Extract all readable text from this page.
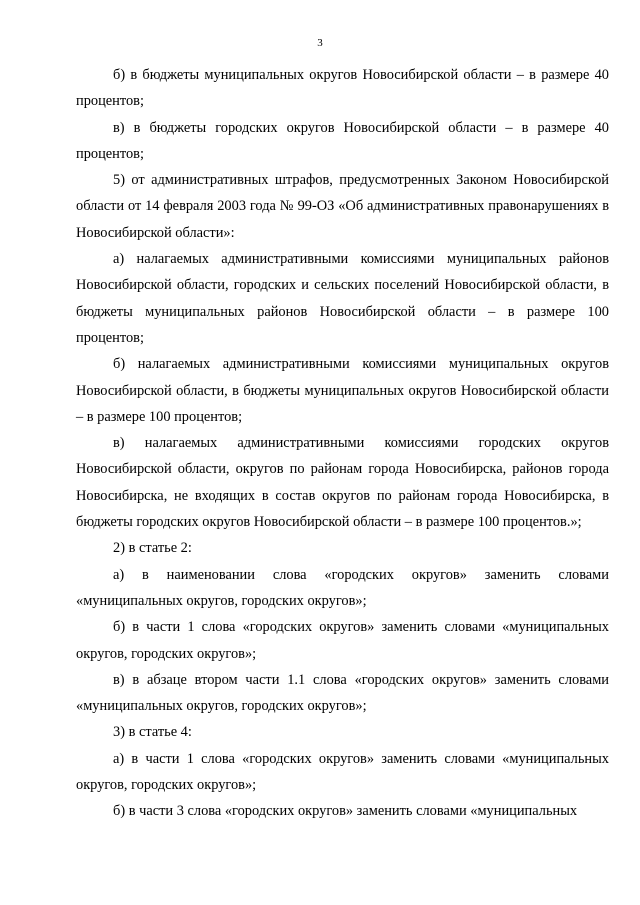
3

б) в бюджеты муниципальных округов Новосибирской области – в размере 40 процентов;

в) в бюджеты городских округов Новосибирской области – в размере 40 процентов;

5) от административных штрафов, предусмотренных Законом Новосибирской области от 14 февраля 2003 года № 99-ОЗ «Об административных правонарушениях в Новосибирской области»:

а) налагаемых административными комиссиями муниципальных районов Новосибирской области, городских и сельских поселений Новосибирской области, в бюджеты муниципальных районов Новосибирской области – в размере 100 процентов;

б) налагаемых административными комиссиями муниципальных округов Новосибирской области, в бюджеты муниципальных округов Новосибирской области – в размере 100 процентов;

в) налагаемых административными комиссиями городских округов Новосибирской области, округов по районам города Новосибирска, районов города Новосибирска, не входящих в состав округов по районам города Новосибирска, в бюджеты городских округов Новосибирской области – в размере 100 процентов.»;

2) в статье 2:

а) в наименовании слова «городских округов» заменить словами «муниципальных округов, городских округов»;

б) в части 1 слова «городских округов» заменить словами «муниципальных округов, городских округов»;

в) в абзаце втором части 1.1 слова «городских округов» заменить словами «муниципальных округов, городских округов»;

3) в статье 4:

а) в части 1 слова «городских округов» заменить словами «муниципальных округов, городских округов»;

б) в части 3 слова «городских округов» заменить словами «муниципальных
